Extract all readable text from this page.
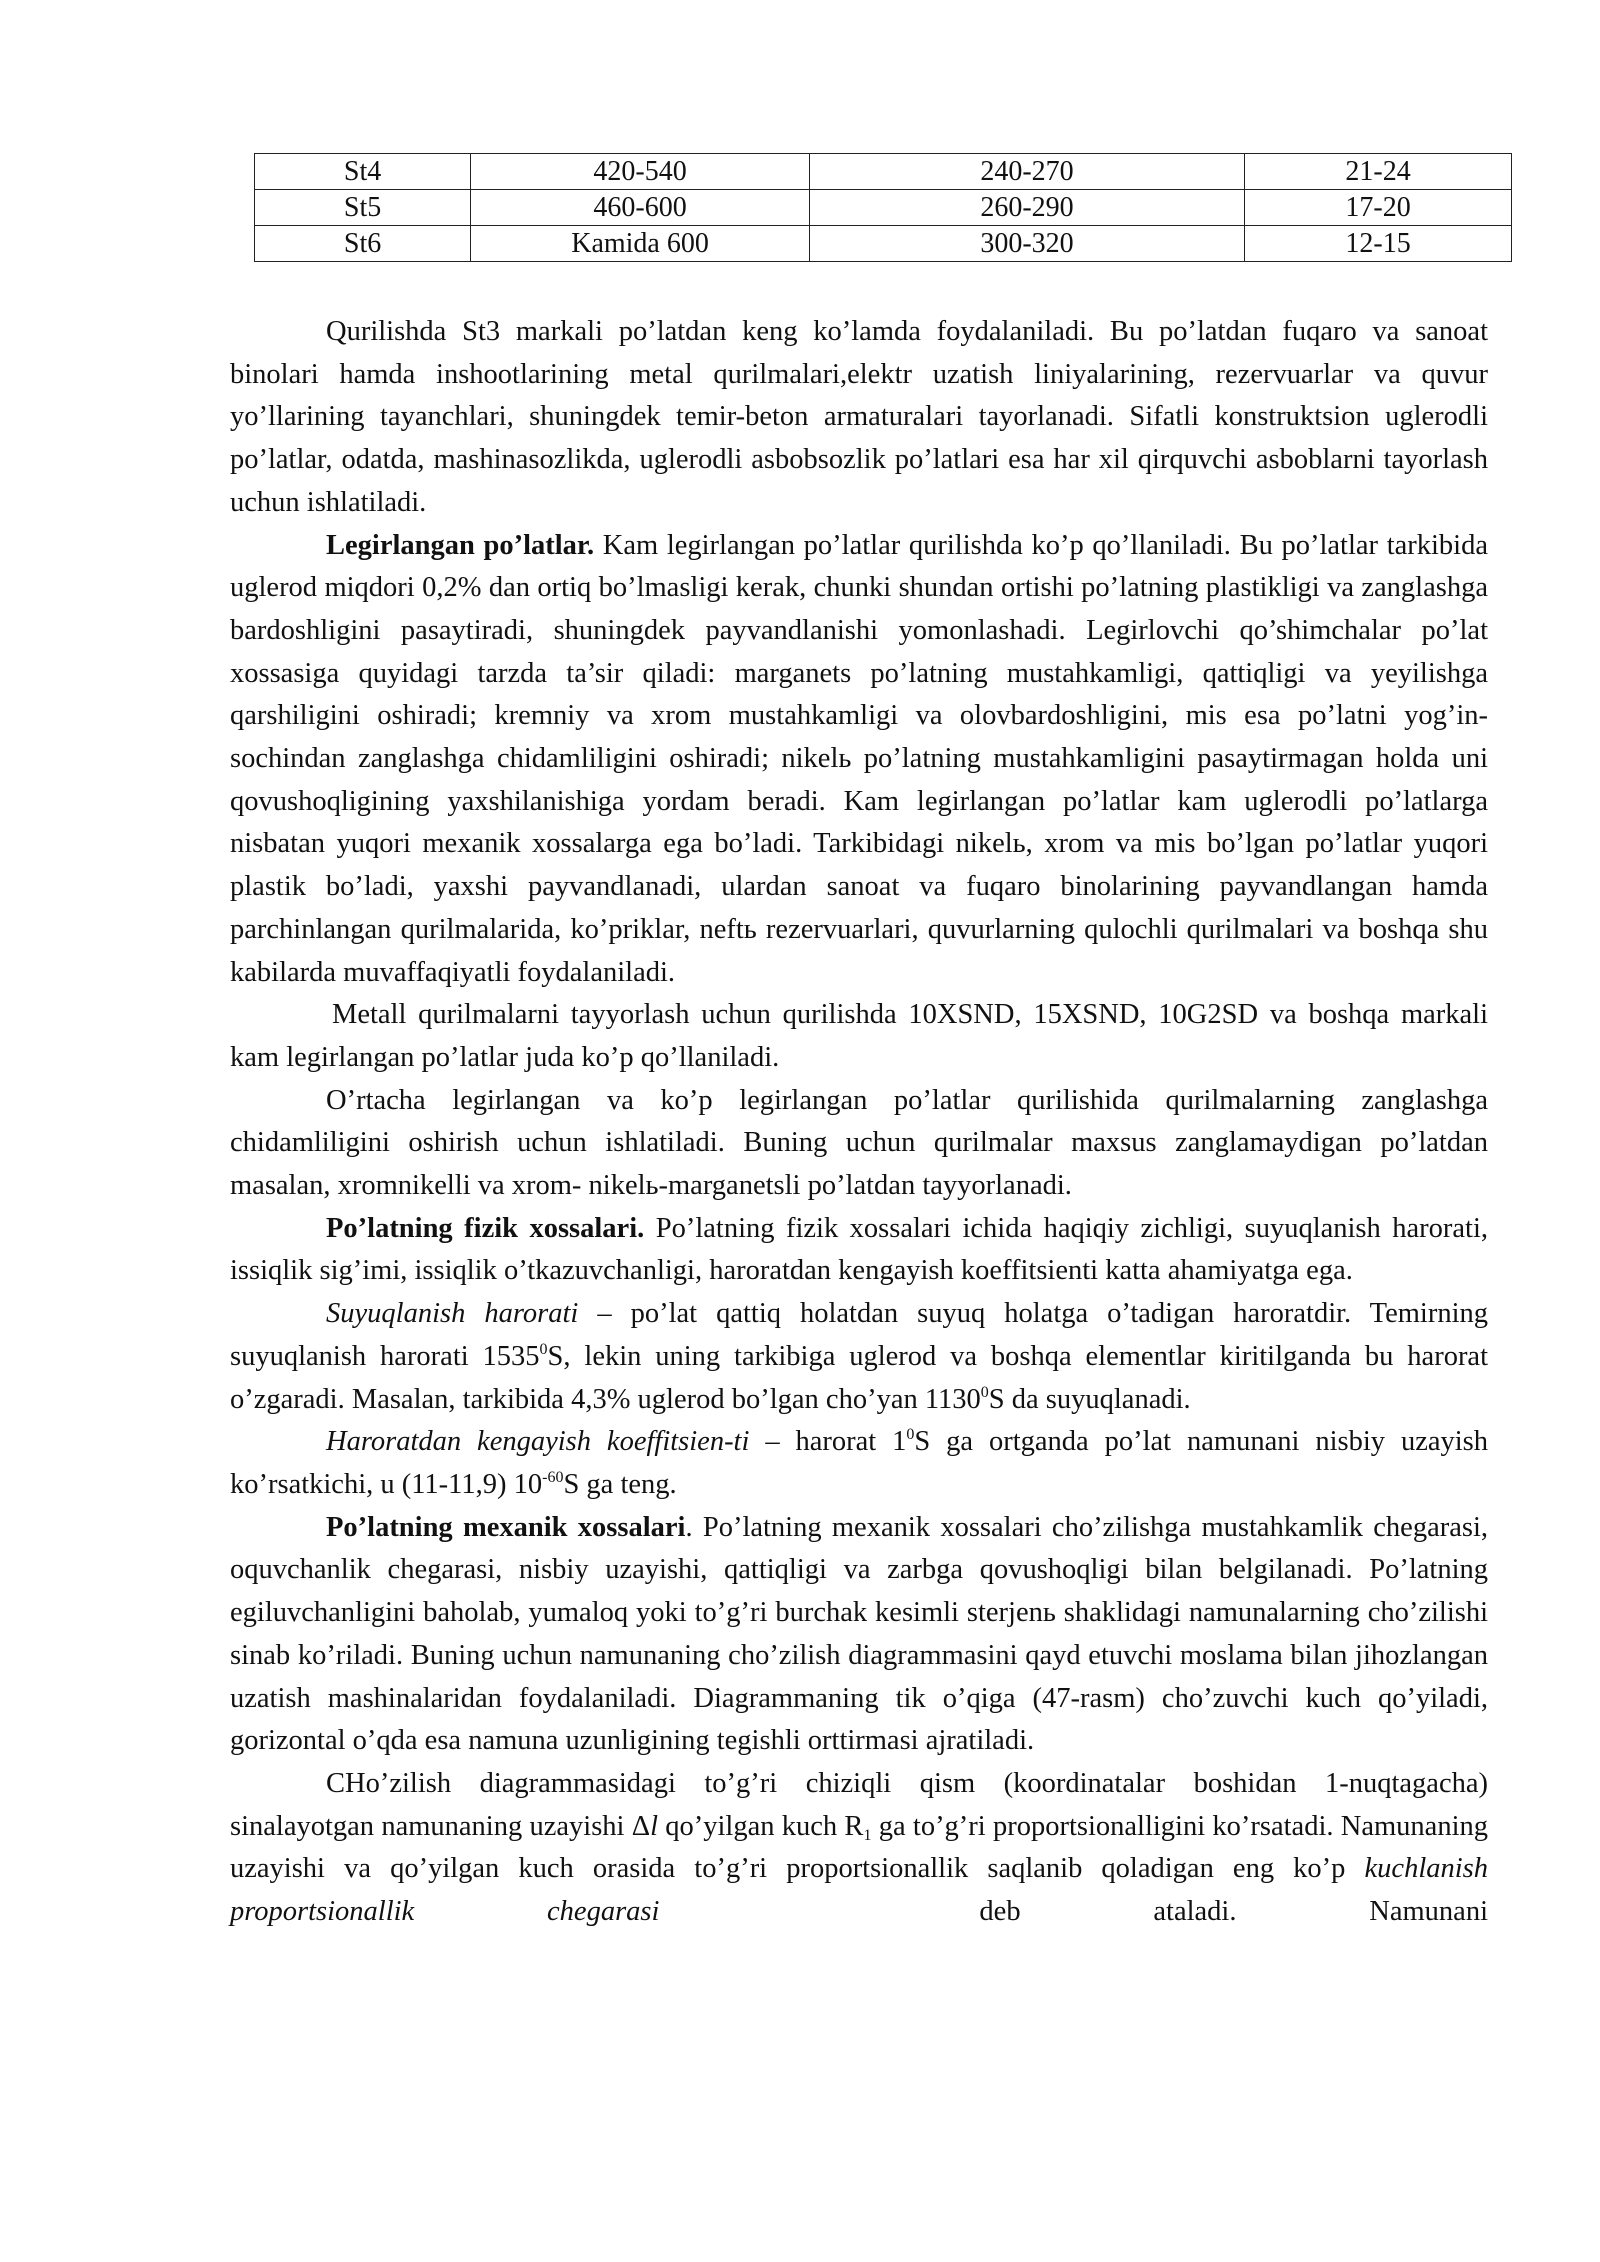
St4	420-540	240-270	21-24
St5	460-600	260-290	17-20
St6	Kamida 600	300-320	12-15

Qurilishda St3 markali po’latdan keng ko’lamda foydalaniladi. Bu po’latdan fuqaro va sanoat binolari hamda inshootlarining metal qurilmalari,elektr uzatish liniyalarining, rezervuarlar va quvur yo’llarining tayanchlari, shuningdek temir-beton armaturalari tayorlanadi. Sifatli konstruktsion uglerodli po’latlar, odatda, mashinasozlikda, uglerodli asbobsozlik po’latlari esa har xil qirquvchi asboblarni tayorlash uchun ishlatiladi.

Legirlangan po’latlar. Kam legirlangan po’latlar qurilishda ko’p qo’llaniladi. Bu po’latlar tarkibida uglerod miqdori 0,2% dan ortiq bo’lmasligi kerak, chunki shundan ortishi po’latning plastikligi va zanglashga bardoshligini pasaytiradi, shuningdek payvandlanishi yomonlashadi. Legirlovchi qo’shimchalar po’lat xossasiga quyidagi tarzda ta’sir qiladi: marganets po’latning mustahkamligi, qattiqligi va yeyilishga qarshiligini oshiradi; kremniy va xrom mustahkamligi va olovbardoshligini, mis esa po’latni yog’in-sochindan zanglashga chidamliligini oshiradi; nikelь po’latning mustahkamligini pasaytirmagan holda uni qovushoqligining yaxshilanishiga yordam beradi. Kam legirlangan po’latlar kam uglerodli po’latlarga nisbatan yuqori mexanik xossalarga ega bo’ladi. Tarkibidagi nikelь, xrom va mis bo’lgan po’latlar yuqori plastik bo’ladi, yaxshi payvandlanadi, ulardan sanoat va fuqaro binolarining payvandlangan hamda parchinlangan qurilmalarida, ko’priklar, neftь rezervuarlari, quvurlarning qulochli qurilmalari va boshqa shu kabilarda muvaffaqiyatli foydalaniladi.

Metall qurilmalarni tayyorlash uchun qurilishda 10XSND, 15XSND, 10G2SD va boshqa markali kam legirlangan po’latlar juda ko’p qo’llaniladi.

O’rtacha legirlangan va ko’p legirlangan po’latlar qurilishida qurilmalarning zanglashga chidamliligini oshirish uchun ishlatiladi. Buning uchun qurilmalar maxsus zanglamaydigan po’latdan masalan, xromnikelli va xrom- nikelь-marganetsli po’latdan tayyorlanadi.

Po’latning fizik xossalari. Po’latning fizik xossalari ichida haqiqiy zichligi, suyuqlanish harorati, issiqlik sig’imi, issiqlik o’tkazuvchanligi, haroratdan kengayish koeffitsienti katta ahamiyatga ega.

Suyuqlanish harorati – po’lat qattiq holatdan suyuq holatga o’tadigan haroratdir. Temirning suyuqlanish harorati 1535$^0$S, lekin uning tarkibiga uglerod va boshqa elementlar kiritilganda bu harorat o’zgaradi. Masalan, tarkibida 4,3% uglerod bo’lgan cho’yan 1130$^0$S da suyuqlanadi.

Haroratdan kengayish koeffitsien-ti – harorat $1^0S$ ga ortganda po’lat namunani nisbiy uzayish ko’rsatkichi, u (11-11,9) $10^{-60}S$ ga teng.

Po’latning mexanik xossalari. Po’latning mexanik xossalari cho’zilishga mustahkamlik chegarasi, oquvchanlik chegarasi, nisbiy uzayishi, qattiqligi va zarbga qovushoqligi bilan belgilanadi. Po’latning egiluvchanligini baholab, yumaloq yoki to’g’ri burchak kesimli sterjenь shaklidagi namunalarning cho’zilishi sinab ko’riladi. Buning uchun namunaning cho’zilish diagrammasini qayd etuvchi moslama bilan jihozlangan uzatish mashinalaridan foydalaniladi. Diagrammaning tik o’qiga (47-rasm) cho’zuvchi kuch qo’yiladi, gorizontal o’qda esa namuna uzunligining tegishli orttirmasi ajratiladi.

CHo’zilish diagrammasidagi to’g’ri chiziqli qism (koordinatalar boshidan 1-nuqtagacha) sinalayotgan namunaning uzayishi Δl qo’yilgan kuch $R_1$ ga to’g’ri proportsionalligini ko’rsatadi. Namunaning uzayishi va qo’yilgan kuch orasida to’g’ri proportsionallik saqlanib qoladigan eng ko’p kuchlanish proportsionallik chegarasi	deb ataladi. Namunani
